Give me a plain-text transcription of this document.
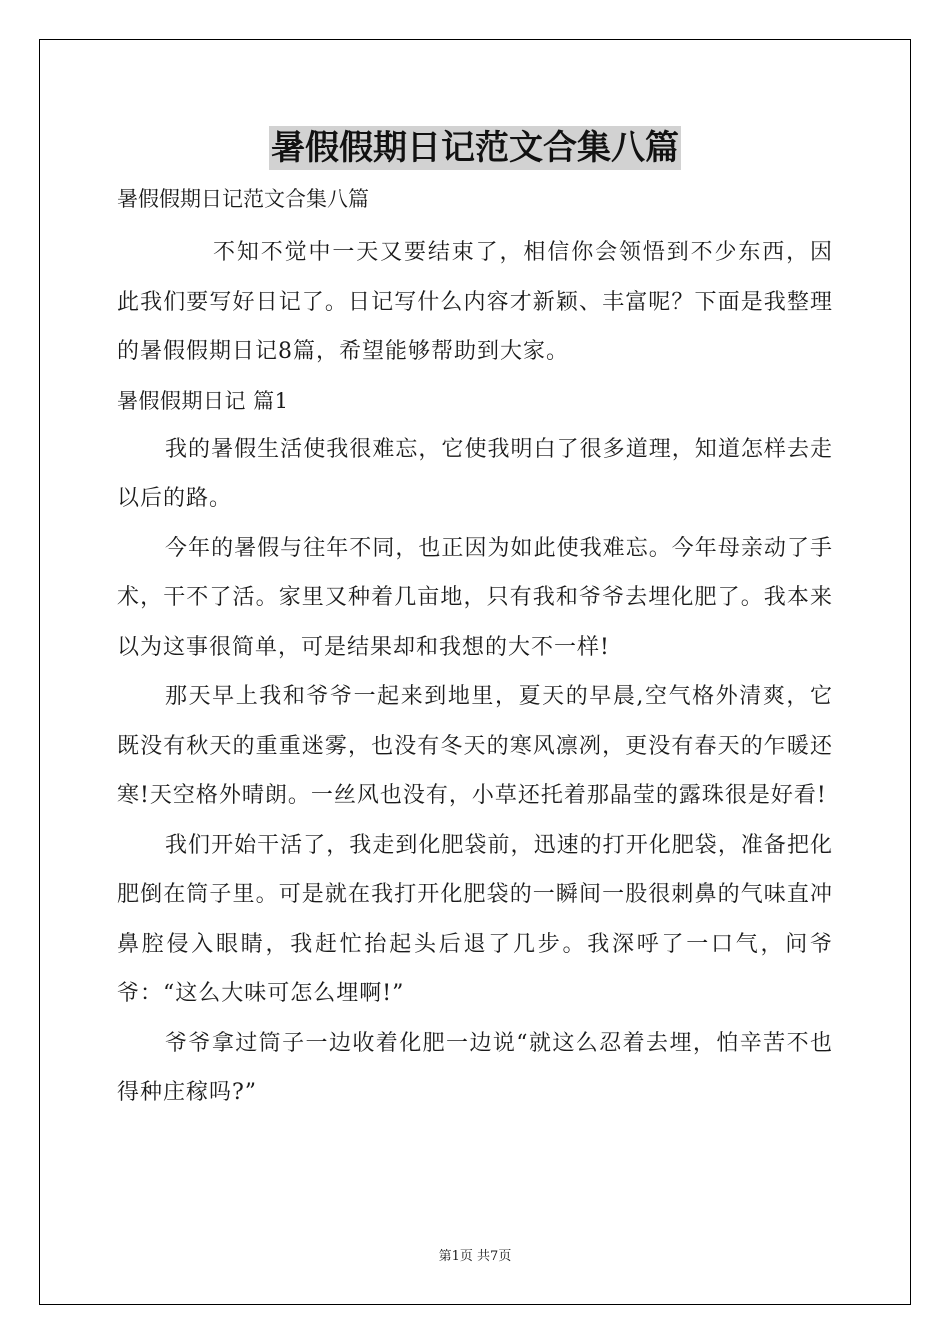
暑假假期日记范文合集八篇

暑假假期日记范文合集八篇

不知不觉中一天又要结束了，相信你会领悟到不少东西，因此我们要写好日记了。日记写什么内容才新颖、丰富呢？下面是我整理的暑假假期日记8篇，希望能够帮助到大家。

暑假假期日记 篇1

我的暑假生活使我很难忘，它使我明白了很多道理，知道怎样去走以后的路。

今年的暑假与往年不同，也正因为如此使我难忘。今年母亲动了手术，干不了活。家里又种着几亩地，只有我和爷爷去埋化肥了。我本来以为这事很简单，可是结果却和我想的大不一样!

那天早上我和爷爷一起来到地里，夏天的早晨,空气格外清爽，它既没有秋天的重重迷雾，也没有冬天的寒风凛冽，更没有春天的乍暖还寒!天空格外晴朗。一丝风也没有，小草还托着那晶莹的露珠很是好看!

我们开始干活了，我走到化肥袋前，迅速的打开化肥袋，准备把化肥倒在筒子里。可是就在我打开化肥袋的一瞬间一股很刺鼻的气味直冲鼻腔侵入眼睛，我赶忙抬起头后退了几步。我深呼了一口气，问爷爷：“这么大味可怎么埋啊!”

爷爷拿过筒子一边收着化肥一边说“就这么忍着去埋，怕辛苦不也得种庄稼吗?”

第1页 共7页
